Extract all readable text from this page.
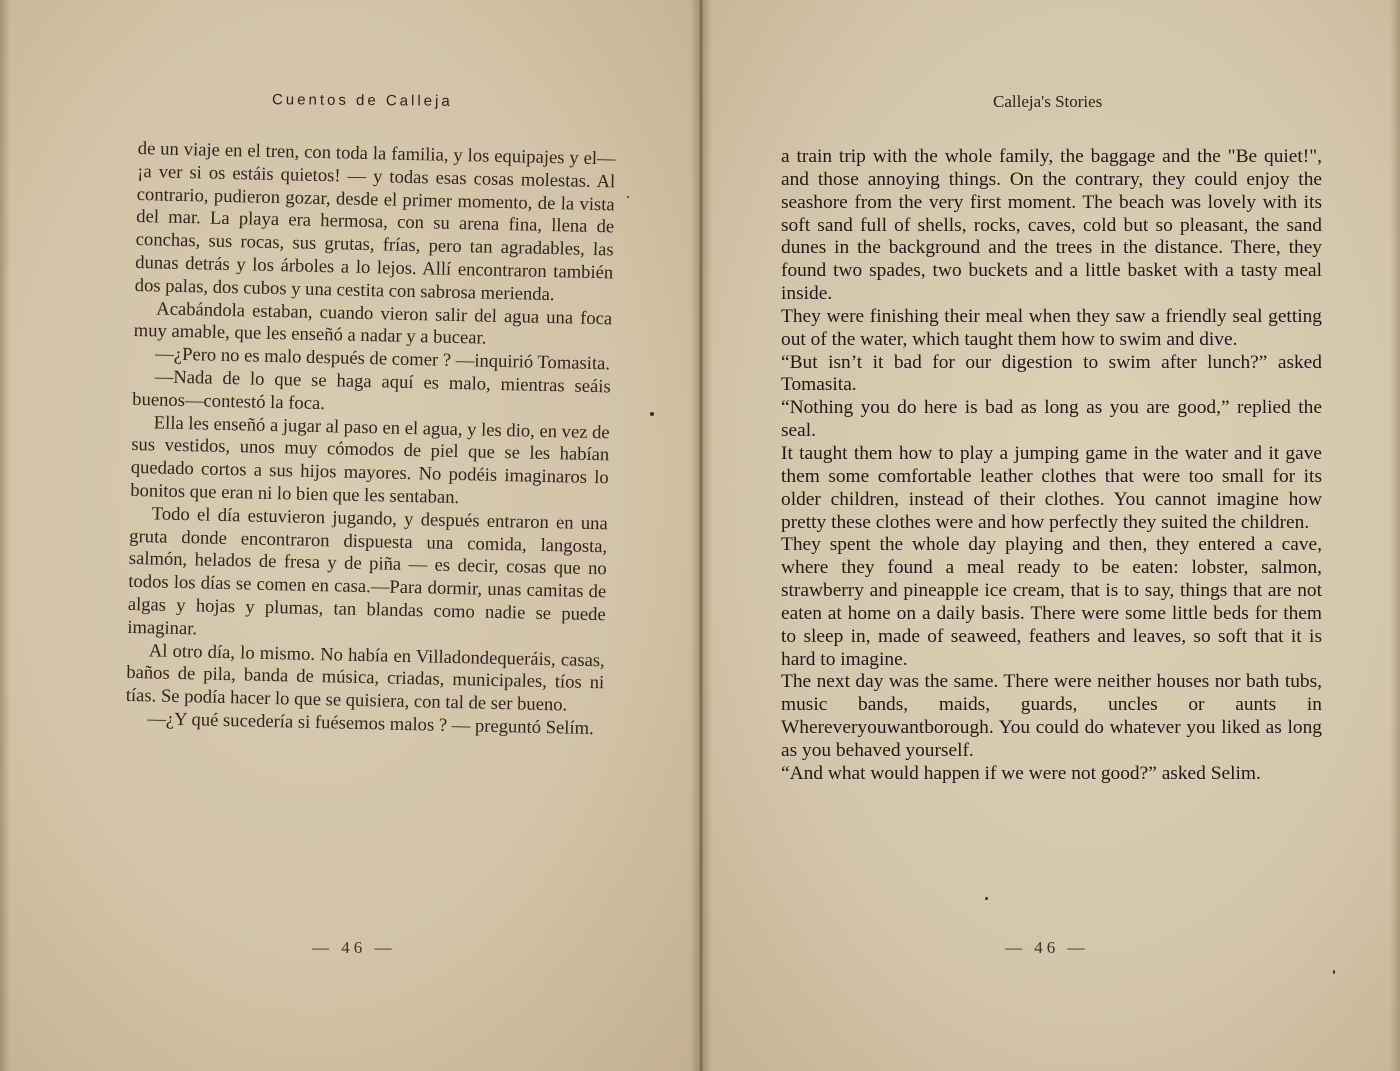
Cuentos de Calleja

de un viaje en el tren, con toda la familia, y los equipajes y el— ¡a ver si os estáis quietos! — y todas esas cosas molestas. Al contrario, pudieron gozar, desde el primer momento, de la vista del mar. La playa era hermosa, con su arena fina, llena de conchas, sus rocas, sus grutas, frías, pero tan agradables, las dunas detrás y los árboles a lo lejos. Allí encontraron también dos palas, dos cubos y una cestita con sabrosa merienda.

Acabándola estaban, cuando vieron salir del agua una foca muy amable, que les enseñó a nadar y a bucear.

—¿Pero no es malo después de comer ? —inquirió Tomasita.

—Nada de lo que se haga aquí es malo, mientras seáis buenos—contestó la foca.

Ella les enseñó a jugar al paso en el agua, y les dio, en vez de sus vestidos, unos muy cómodos de piel que se les habían quedado cortos a sus hijos mayores. No podéis imaginaros lo bonitos que eran ni lo bien que les sentaban.

Todo el día estuvieron jugando, y después entraron en una gruta donde encontraron dispuesta una comida, langosta, salmón, helados de fresa y de piña — es decir, cosas que no todos los días se comen en casa.—Para dormir, unas camitas de algas y hojas y plumas, tan blandas como nadie se puede imaginar.

Al otro día, lo mismo. No había en Villadondequeráis, casas, baños de pila, banda de música, criadas, municipales, tíos ni tías. Se podía hacer lo que se quisiera, con tal de ser bueno.

—¿Y qué sucedería si fuésemos malos ? — preguntó Selím.

— 46 —
Calleja's Stories

a train trip with the whole family, the baggage and the "Be quiet!", and those annoying things. On the contrary, they could enjoy the seashore from the very first moment. The beach was lovely with its soft sand full of shells, rocks, caves, cold but so pleasant, the sand dunes in the background and the trees in the distance. There, they found two spades, two buckets and a little basket with a tasty meal inside.

They were finishing their meal when they saw a friendly seal getting out of the water, which taught them how to swim and dive.

“But isn’t it bad for our digestion to swim after lunch?” asked Tomasita.

“Nothing you do here is bad as long as you are good,” replied the seal.

It taught them how to play a jumping game in the water and it gave them some comfortable leather clothes that were too small for its older children, instead of their clothes. You cannot imagine how pretty these clothes were and how perfectly they suited the children.

They spent the whole day playing and then, they entered a cave, where they found a meal ready to be eaten: lobster, salmon, strawberry and pineapple ice cream, that is to say, things that are not eaten at home on a daily basis. There were some little beds for them to sleep in, made of seaweed, feathers and leaves, so soft that it is hard to imagine.

The next day was the same. There were neither houses nor bath tubs, music bands, maids, guards, uncles or aunts in Whereveryouwantborough. You could do whatever you liked as long as you behaved yourself.

“And what would happen if we were not good?” asked Selim.

— 46 —
